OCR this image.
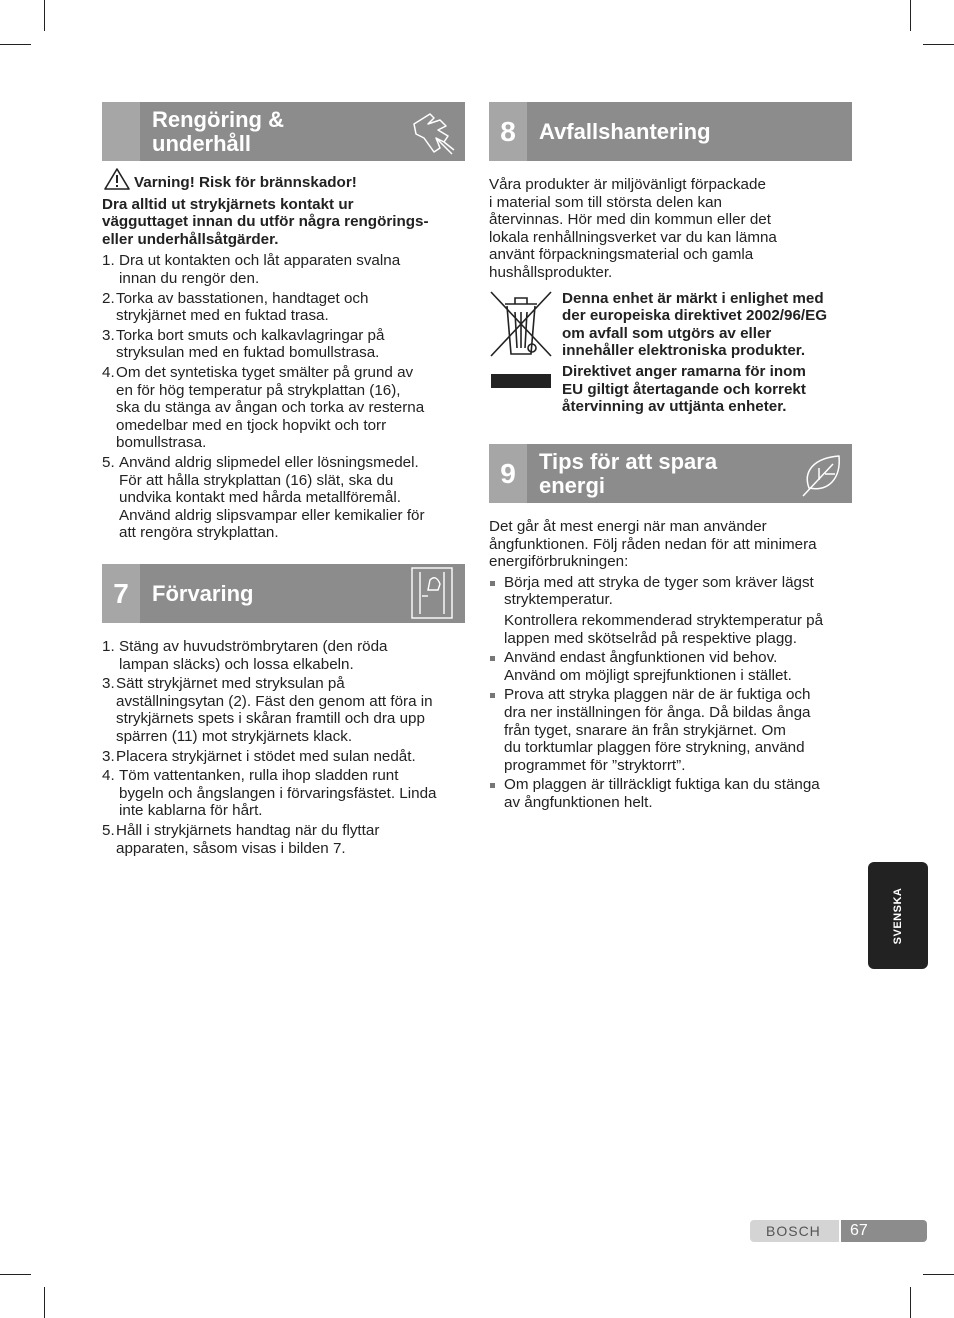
Rengöring &
underhåll
Varning! Risk för brännskador!
Dra alltid ut strykjärnets kontakt ur
vägguttaget innan du utför några rengörings-
eller underhållsåtgärder.
1. Dra ut kontakten och låt apparaten svalna
innan du rengör den.
2. Torka av basstationen, handtaget och
strykjärnet med en fuktad trasa.
3. Torka bort smuts och kalkavlagringar på
stryksulan med en fuktad bomullstrasa.
4. Om det syntetiska tyget smälter på grund av
en för hög temperatur på strykplattan (16),
ska du stänga av ångan och torka av resterna
omedelbar med en tjock hopvikt och torr
bomullstrasa.
5. Använd aldrig slipmedel eller lösningsmedel.
För att hålla strykplattan (16) slät, ska du
undvika kontakt med hårda metallföremål.
Använd aldrig slipsvampar eller kemikalier för
att rengöra strykplattan.
7	Förvaring
1. Stäng av huvudströmbrytaren (den röda
lampan släcks) och lossa elkabeln.
3. Sätt strykjärnet med stryksulan på
avställningsytan (2). Fäst den genom att föra in
strykjärnets spets i skåran framtill och dra upp
spärren (11) mot strykjärnets klack.
3. Placera strykjärnet i stödet med sulan nedåt.
4. Töm vattentanken, rulla ihop sladden runt
bygeln och ångslangen i förvaringsfästet. Linda
inte kablarna för hårt.
5. Håll i strykjärnets handtag när du flyttar
apparaten, såsom visas i bilden 7.
8	Avfallshantering
Våra produkter är miljövänligt förpackade
i material som till största delen kan
återvinnas. Hör med din kommun eller det
lokala renhållningsverket var du kan lämna
använt förpackningsmaterial och gamla
hushållsprodukter.
Denna enhet är märkt i enlighet med
der europeiska direktivet 2002/96/EG
om avfall som utgörs av eller
innehåller elektroniska produkter.
Direktivet anger ramarna för inom
EU giltigt återtagande och korrekt
återvinning av uttjänta enheter.
9	Tips för att spara
energi
Det går åt mest energi när man använder
ångfunktionen. Följ råden nedan för att minimera
energiförbrukningen:
Börja med att stryka de tyger som kräver lägst
stryktemperatur.
Kontrollera rekommenderad stryktemperatur på
lappen med skötselråd på respektive plagg.
Använd endast ångfunktionen vid behov.
Använd om möjligt sprejfunktionen i stället.
Prova att stryka plaggen när de är fuktiga och
dra ner inställningen för ånga. Då bildas ånga
från tyget, snarare än från strykjärnet. Om
du torktumlar plaggen före strykning, använd
programmet för ”stryktorrt”.
Om plaggen är tillräckligt fuktiga kan du stänga
av ångfunktionen helt.
SVENSKA
BOSCH 67
